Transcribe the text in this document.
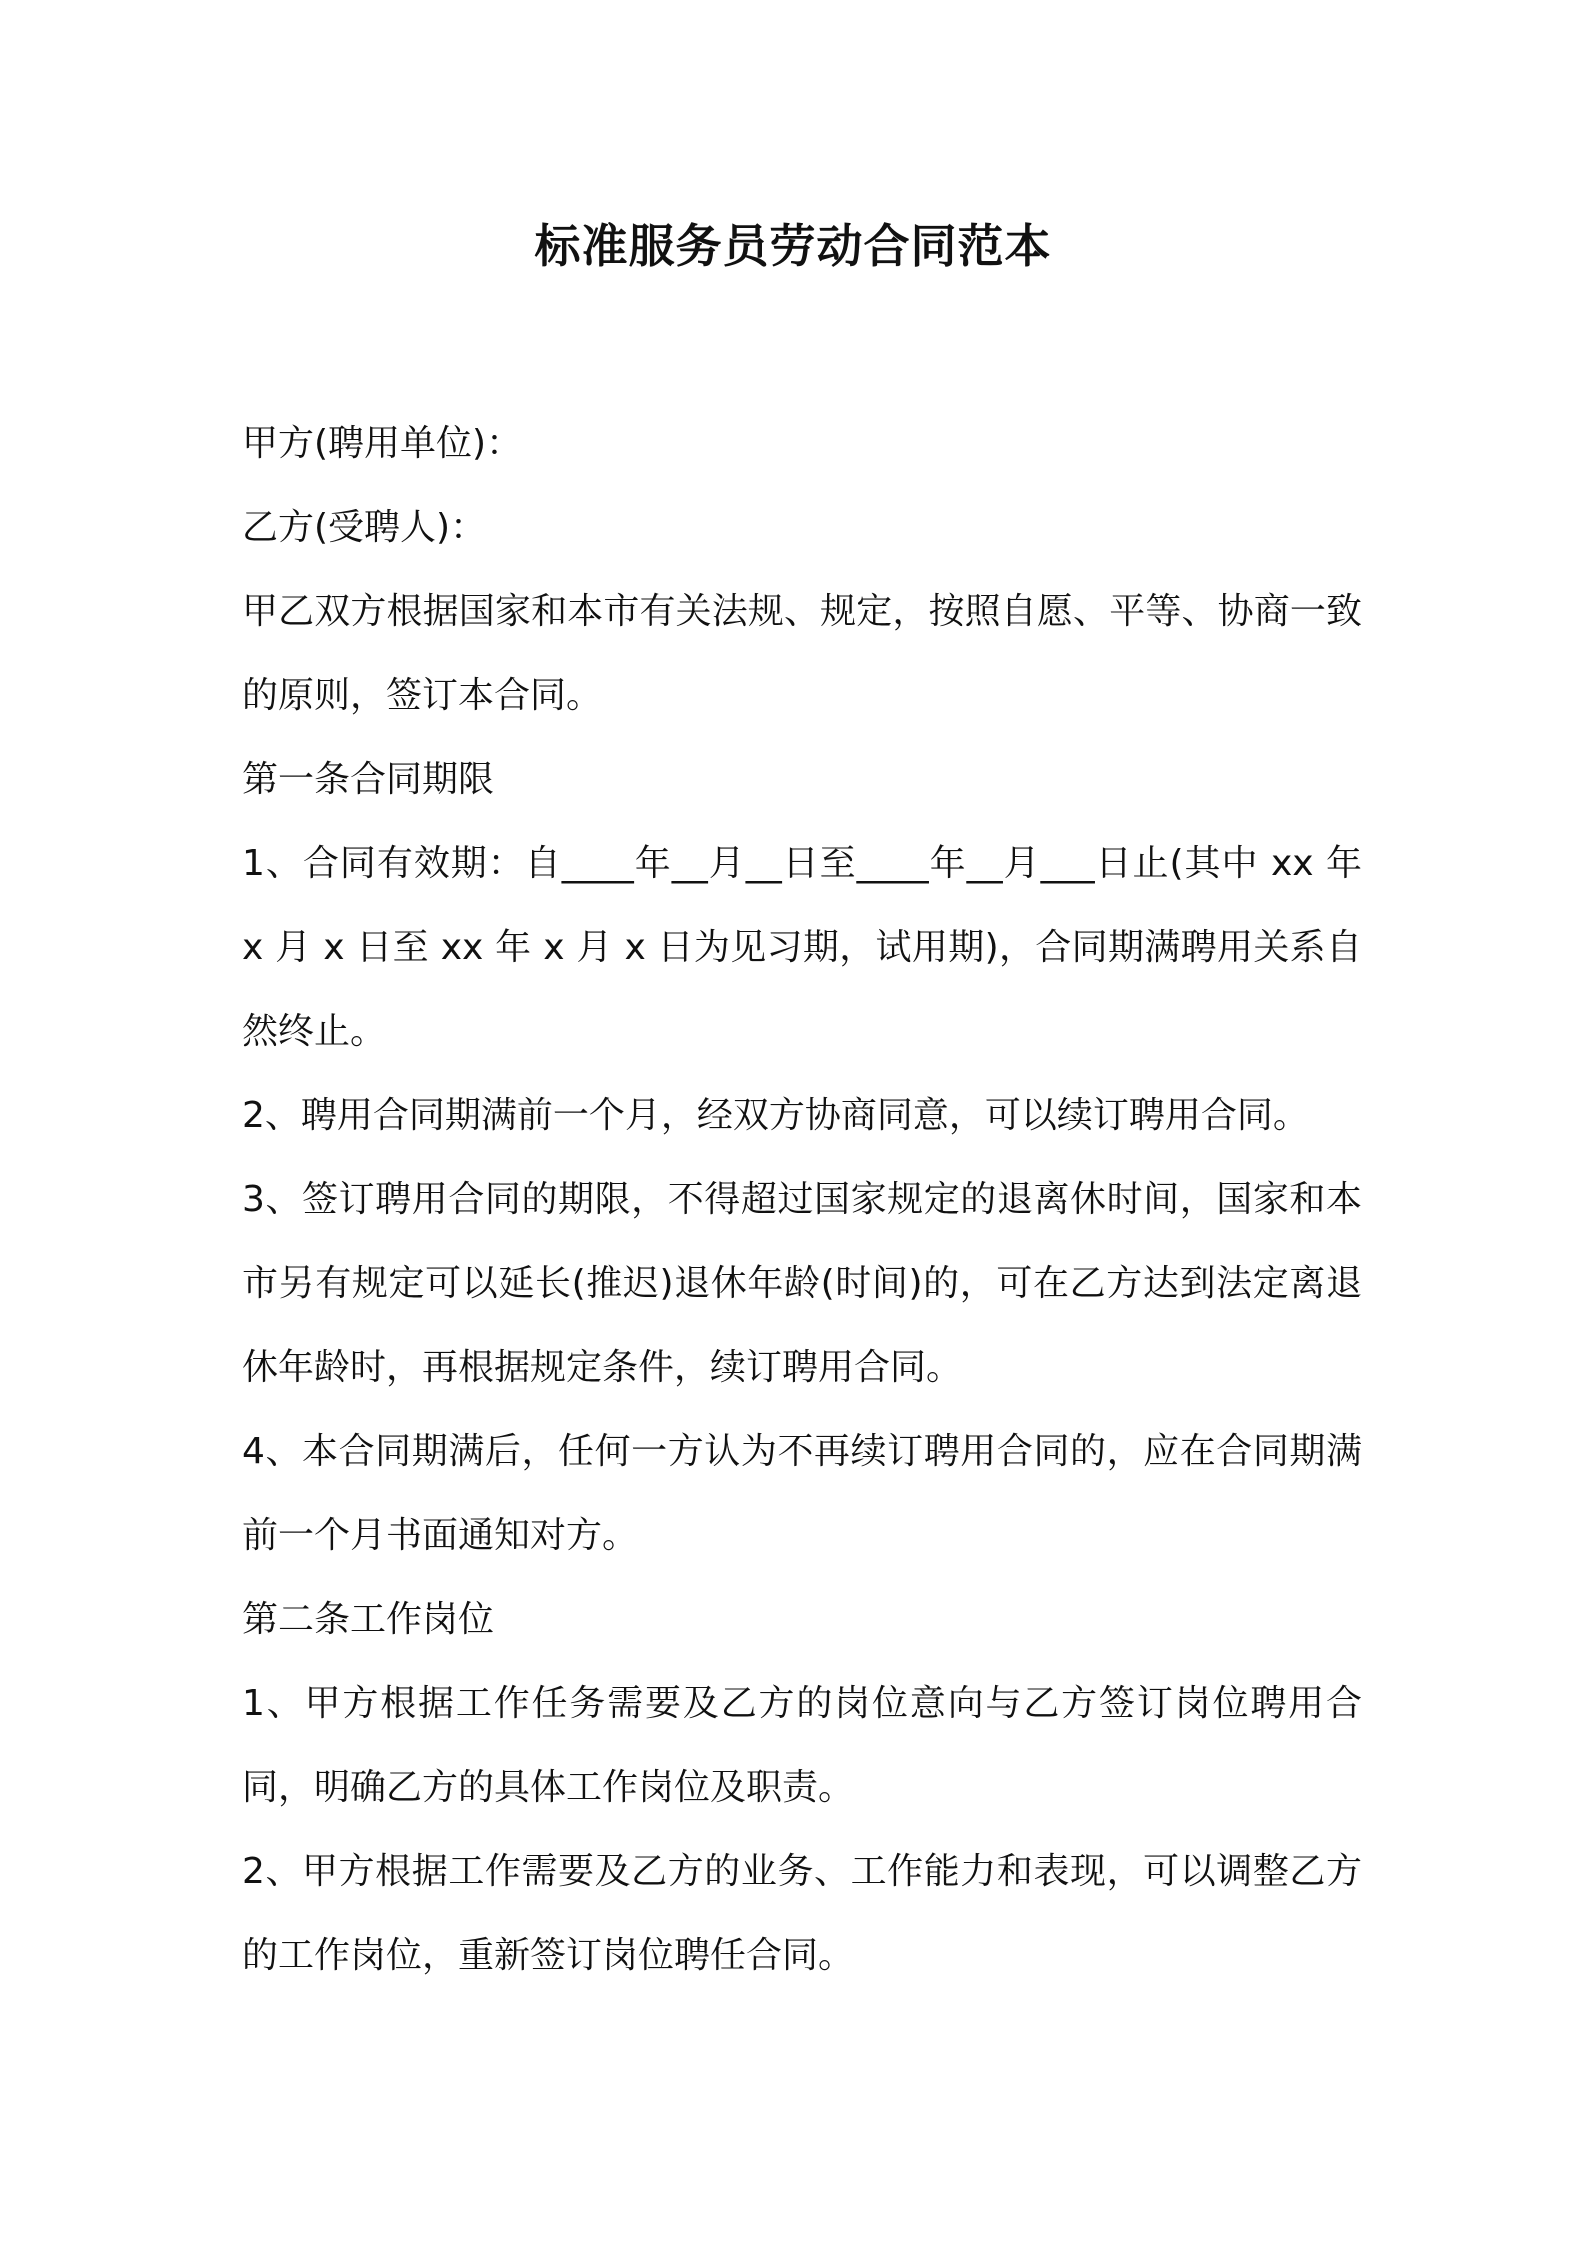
标准服务员劳动合同范本

甲方(聘用单位)：

乙方(受聘人)：

甲乙双方根据国家和本市有关法规、规定，按照自愿、平等、协商一致的原则，签订本合同。

第一条合同期限

1、合同有效期：自____年__月__日至____年__月___日止(其中 xx 年 x 月 x 日至 xx 年 x 月 x 日为见习期，试用期)，合同期满聘用关系自然终止。

2、聘用合同期满前一个月，经双方协商同意，可以续订聘用合同。

3、签订聘用合同的期限，不得超过国家规定的退离休时间，国家和本市另有规定可以延长(推迟)退休年龄(时间)的，可在乙方达到法定离退休年龄时，再根据规定条件，续订聘用合同。

4、本合同期满后，任何一方认为不再续订聘用合同的，应在合同期满前一个月书面通知对方。

第二条工作岗位

1、甲方根据工作任务需要及乙方的岗位意向与乙方签订岗位聘用合同，明确乙方的具体工作岗位及职责。

2、甲方根据工作需要及乙方的业务、工作能力和表现，可以调整乙方的工作岗位，重新签订岗位聘任合同。
